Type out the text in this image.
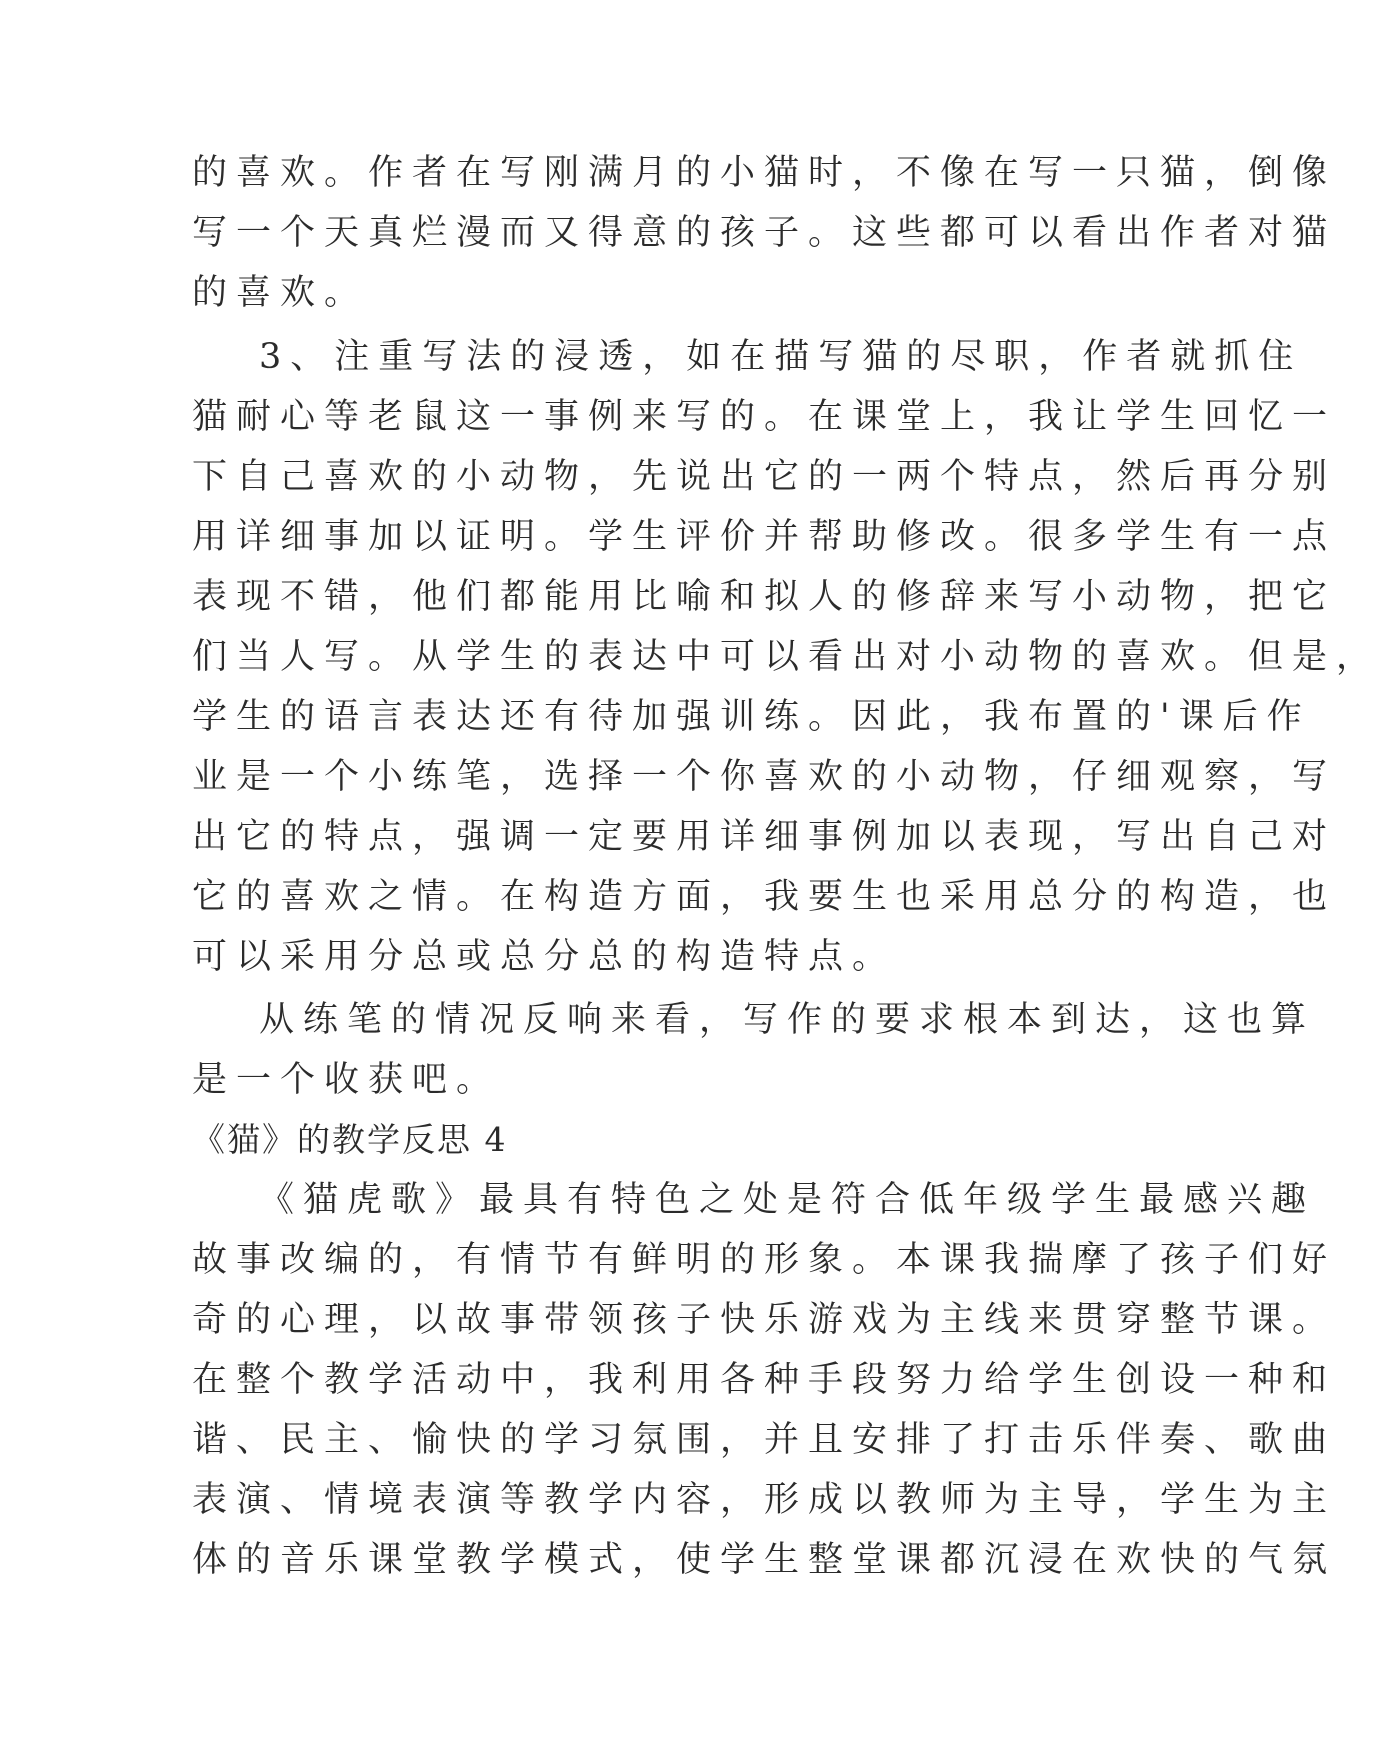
的喜欢。作者在写刚满月的小猫时，不像在写一只猫，倒像
写一个天真烂漫而又得意的孩子。这些都可以看出作者对猫
的喜欢。
3、注重写法的浸透，如在描写猫的尽职，作者就抓住
猫耐心等老鼠这一事例来写的。在课堂上，我让学生回忆一
下自己喜欢的小动物，先说出它的一两个特点，然后再分别
用详细事加以证明。学生评价并帮助修改。很多学生有一点
表现不错，他们都能用比喻和拟人的修辞来写小动物，把它
们当人写。从学生的表达中可以看出对小动物的喜欢。但是，
学生的语言表达还有待加强训练。因此，我布置的'课后作
业是一个小练笔，选择一个你喜欢的小动物，仔细观察，写
出它的特点，强调一定要用详细事例加以表现，写出自己对
它的喜欢之情。在构造方面，我要生也采用总分的构造，也
可以采用分总或总分总的构造特点。
从练笔的情况反响来看，写作的要求根本到达，这也算
是一个收获吧。
《猫》的教学反思 4
《猫虎歌》最具有特色之处是符合低年级学生最感兴趣
故事改编的，有情节有鲜明的形象。本课我揣摩了孩子们好
奇的心理，以故事带领孩子快乐游戏为主线来贯穿整节课。
在整个教学活动中，我利用各种手段努力给学生创设一种和
谐、民主、愉快的学习氛围，并且安排了打击乐伴奏、歌曲
表演、情境表演等教学内容，形成以教师为主导，学生为主
体的音乐课堂教学模式，使学生整堂课都沉浸在欢快的气氛
